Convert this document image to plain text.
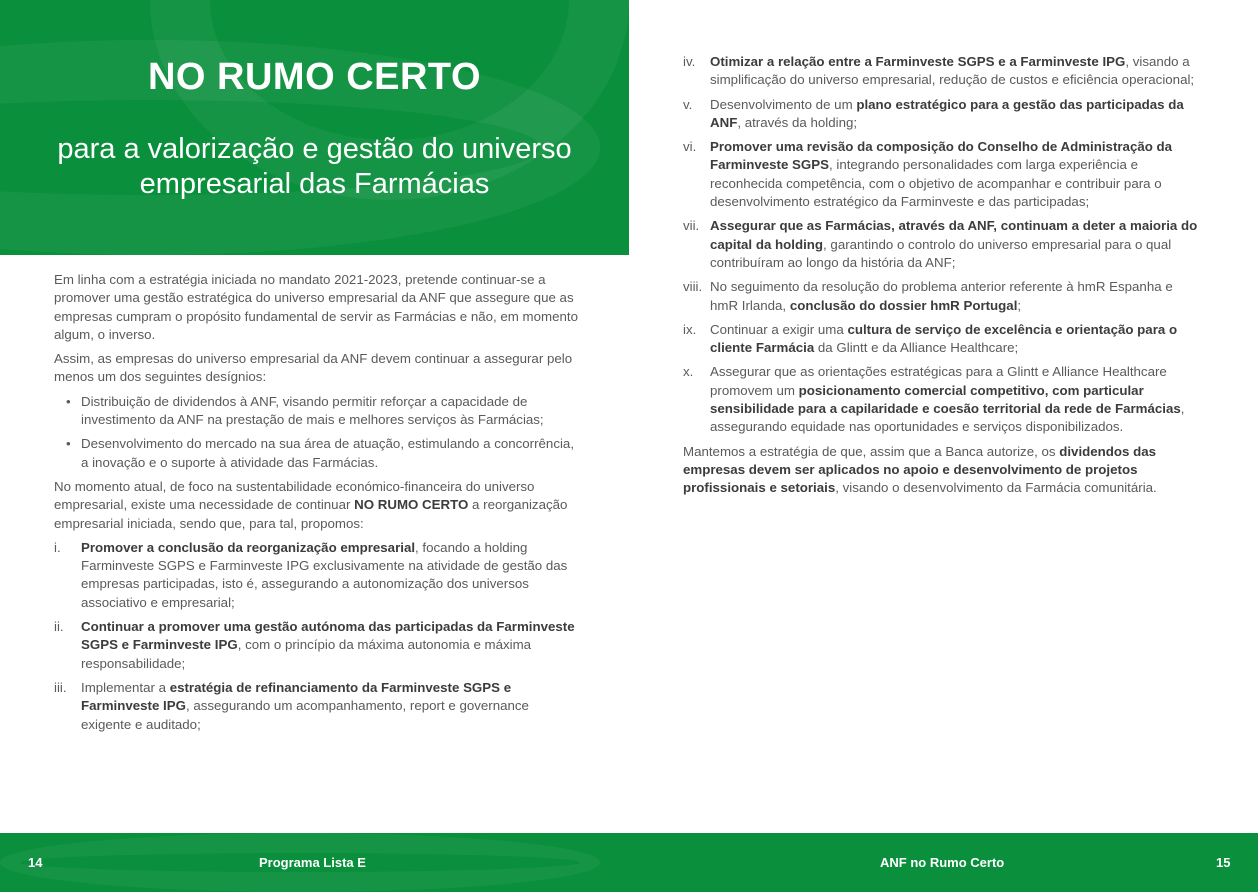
NO RUMO CERTO
para a valorização e gestão do universo empresarial das Farmácias

Em linha com a estratégia iniciada no mandato 2021-2023, pretende continuar-se a promover uma gestão estratégica do universo empresarial da ANF que assegure que as empresas cumpram o propósito fundamental de servir as Farmácias e não, em momento algum, o inverso.

Assim, as empresas do universo empresarial da ANF devem continuar a assegurar pelo menos um dos seguintes desígnios:

• Distribuição de dividendos à ANF, visando permitir reforçar a capacidade de investimento da ANF na prestação de mais e melhores serviços às Farmácias;
• Desenvolvimento do mercado na sua área de atuação, estimulando a concorrência, a inovação e o suporte à atividade das Farmácias.

No momento atual, de foco na sustentabilidade económico-financeira do universo empresarial, existe uma necessidade de continuar NO RUMO CERTO a reorganização empresarial iniciada, sendo que, para tal, propomos:

i.	Promover a conclusão da reorganização empresarial, focando a holding Farminveste SGPS e Farminveste IPG exclusivamente na atividade de gestão das empresas participadas, isto é, assegurando a autonomização dos universos associativo e empresarial;
ii.	Continuar a promover uma gestão autónoma das participadas da Farminveste SGPS e Farminveste IPG, com o princípio da máxima autonomia e máxima responsabilidade;
iii.	Implementar a estratégia de refinanciamento da Farminveste SGPS e Farminveste IPG, assegurando um acompanhamento, report e governance exigente e auditado;
iv.	Otimizar a relação entre a Farminveste SGPS e a Farminveste IPG, visando a simplificação do universo empresarial, redução de custos e eficiência operacional;
v.	Desenvolvimento de um plano estratégico para a gestão das participadas da ANF, através da holding;
vi.	Promover uma revisão da composição do Conselho de Administração da Farminveste SGPS, integrando personalidades com larga experiência e reconhecida competência, com o objetivo de acompanhar e contribuir para o desenvolvimento estratégico da Farminveste e das participadas;
vii. Assegurar que as Farmácias, através da ANF, continuam a deter a maioria do capital da holding, garantindo o controlo do universo empresarial para o qual contribuíram ao longo da história da ANF;
viii. No seguimento da resolução do problema anterior referente à hmR Espanha e hmR Irlanda, conclusão do dossier hmR Portugal;
ix.	Continuar a exigir uma cultura de serviço de excelência e orientação para o cliente Farmácia da Glintt e da Alliance Healthcare;
x.	Assegurar que as orientações estratégicas para a Glintt e Alliance Healthcare promovem um posicionamento comercial competitivo, com particular sensibilidade para a capilaridade e coesão territorial da rede de Farmácias, assegurando equidade nas oportunidades e serviços disponibilizados.

Mantemos a estratégia de que, assim que a Banca autorize, os dividendos das empresas devem ser aplicados no apoio e desenvolvimento de projetos profissionais e setoriais, visando o desenvolvimento da Farmácia comunitária.

14	Programa Lista E	ANF no Rumo Certo	15
